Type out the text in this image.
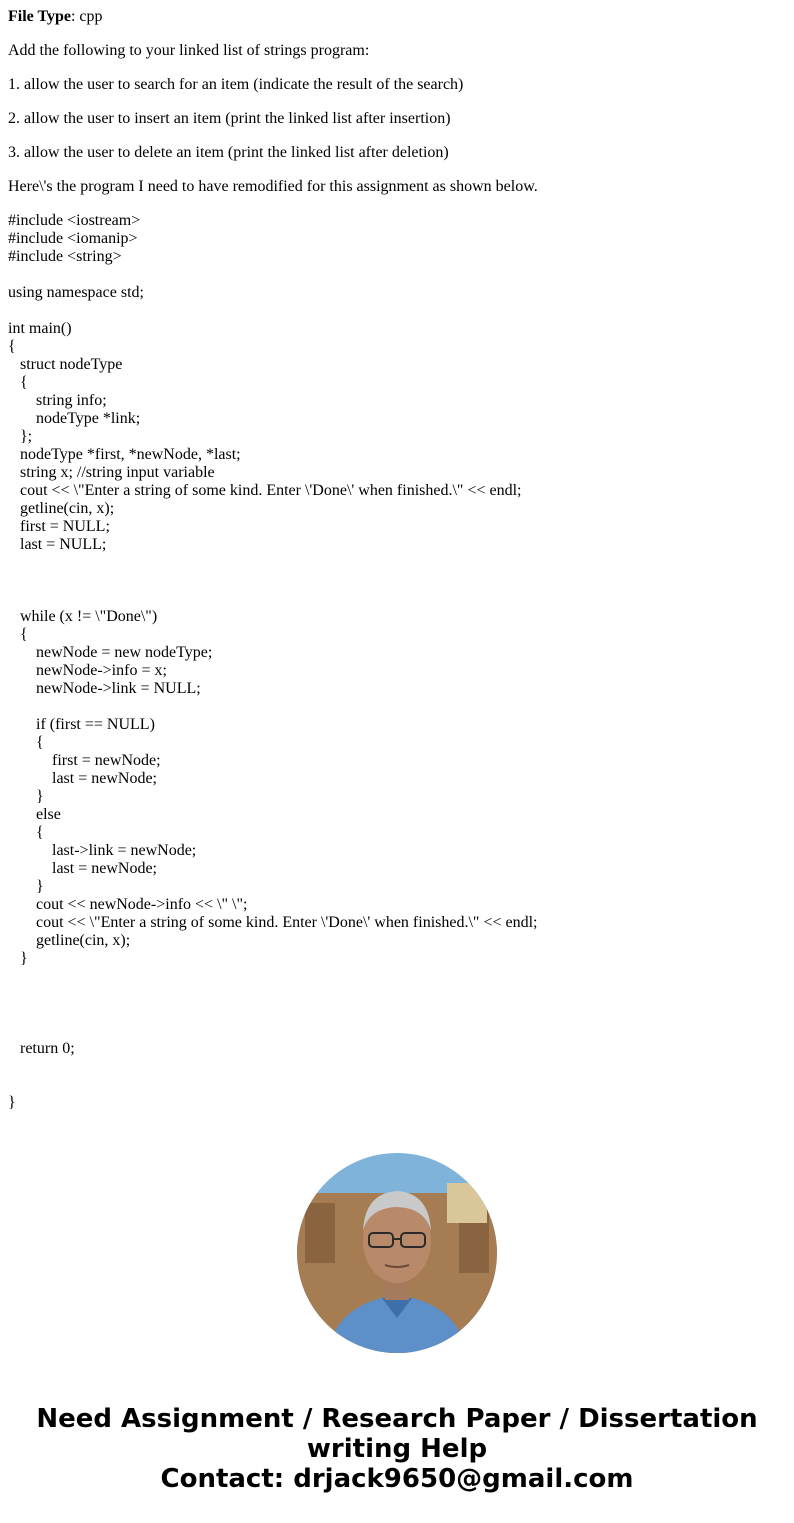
File Type: cpp

Add the following to your linked list of strings program:

1. allow the user to search for an item (indicate the result of the search)

2. allow the user to insert an item (print the linked list after insertion)

3. allow the user to delete an item (print the linked list after deletion)

Here\'s the program I need to have remodified for this assignment as shown below.

#include <iostream>
#include <iomanip>
#include <string>
using namespace std;
int main()
{
struct nodeType
{
string info;
nodeType *link;
};
nodeType *first, *newNode, *last;
string x; //string input variable
cout << \"Enter a string of some kind. Enter \'Done\' when finished.\" << endl;
getline(cin, x);
first = NULL;
last = NULL;
while (x != \"Done\")
{
newNode = new nodeType;
newNode->info = x;
newNode->link = NULL;
if (first == NULL)
{
first = newNode;
last = newNode;
}
else
{
last->link = newNode;
last = newNode;
}
cout << newNode->info << \" \";
cout << \"Enter a string of some kind. Enter \'Done\' when finished.\" << endl;
getline(cin, x);
}
return 0;
}
Need Assignment / Research Paper / Dissertation
writing Help
Contact: drjack9650@gmail.com
